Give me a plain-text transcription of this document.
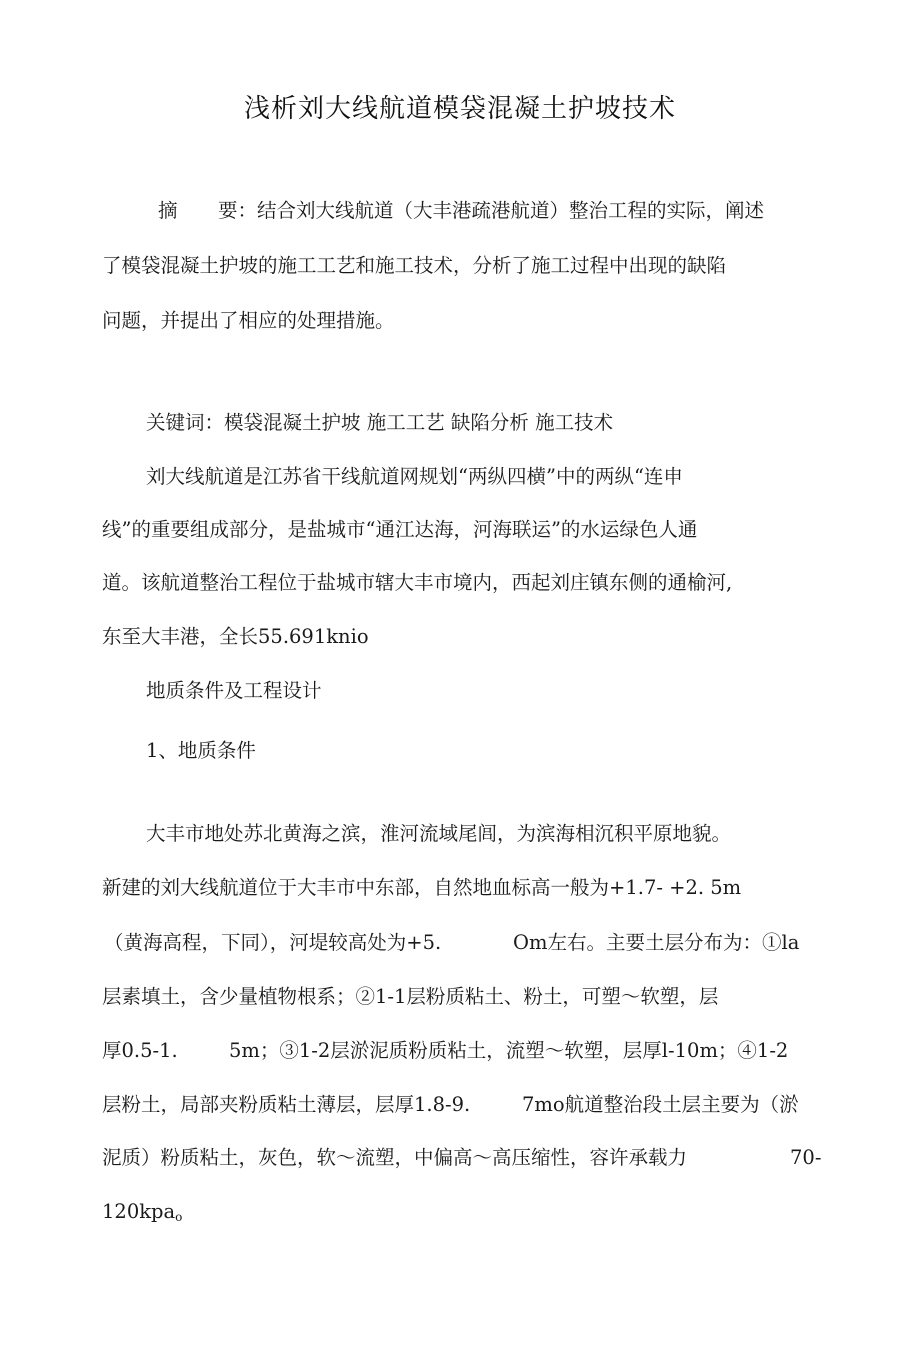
浅析刘大线航道模袋混凝土护坡技术
摘 要：结合刘大线航道（大丰港疏港航道）整治工程的实际，阐述
了模袋混凝土护坡的施工工艺和施工技术，分析了施工过程中出现的缺陷
问题，并提出了相应的处理措施。
关键词：模袋混凝土护坡 施工工艺 缺陷分析 施工技术
刘大线航道是江苏省干线航道网规划“两纵四横”中的两纵“连申
线”的重要组成部分，是盐城市“通江达海，河海联运”的水运绿色人通
道。该航道整治工程位于盐城市辖大丰市境内，西起刘庄镇东侧的通榆河,
东至大丰港，全长55.691knio
地质条件及工程设计
1、地质条件
大丰市地处苏北黄海之滨，淮河流域尾闾，为滨海相沉积平原地貌。
新建的刘大线航道位于大丰市中东部，自然地血标高一般为+1.7- +2. 5m
（黄海高程，下同），河堤较高处为+5.	Om左右。主要土层分布为：①la
层素填土，含少量植物根系；②1-1层粉质粘土、粉土，可塑～软塑，层
厚0.5-1.	5m；③1-2层淤泥质粉质粘土，流塑～软塑，层厚l-10m；④1-2
层粉土，局部夹粉质粘土薄层，层厚1.8-9.	7mo航道整治段土层主要为（淤
泥质）粉质粘土，灰色，软～流塑，中偏高～高压缩性，容许承载力	70-
120kpa$_o$
